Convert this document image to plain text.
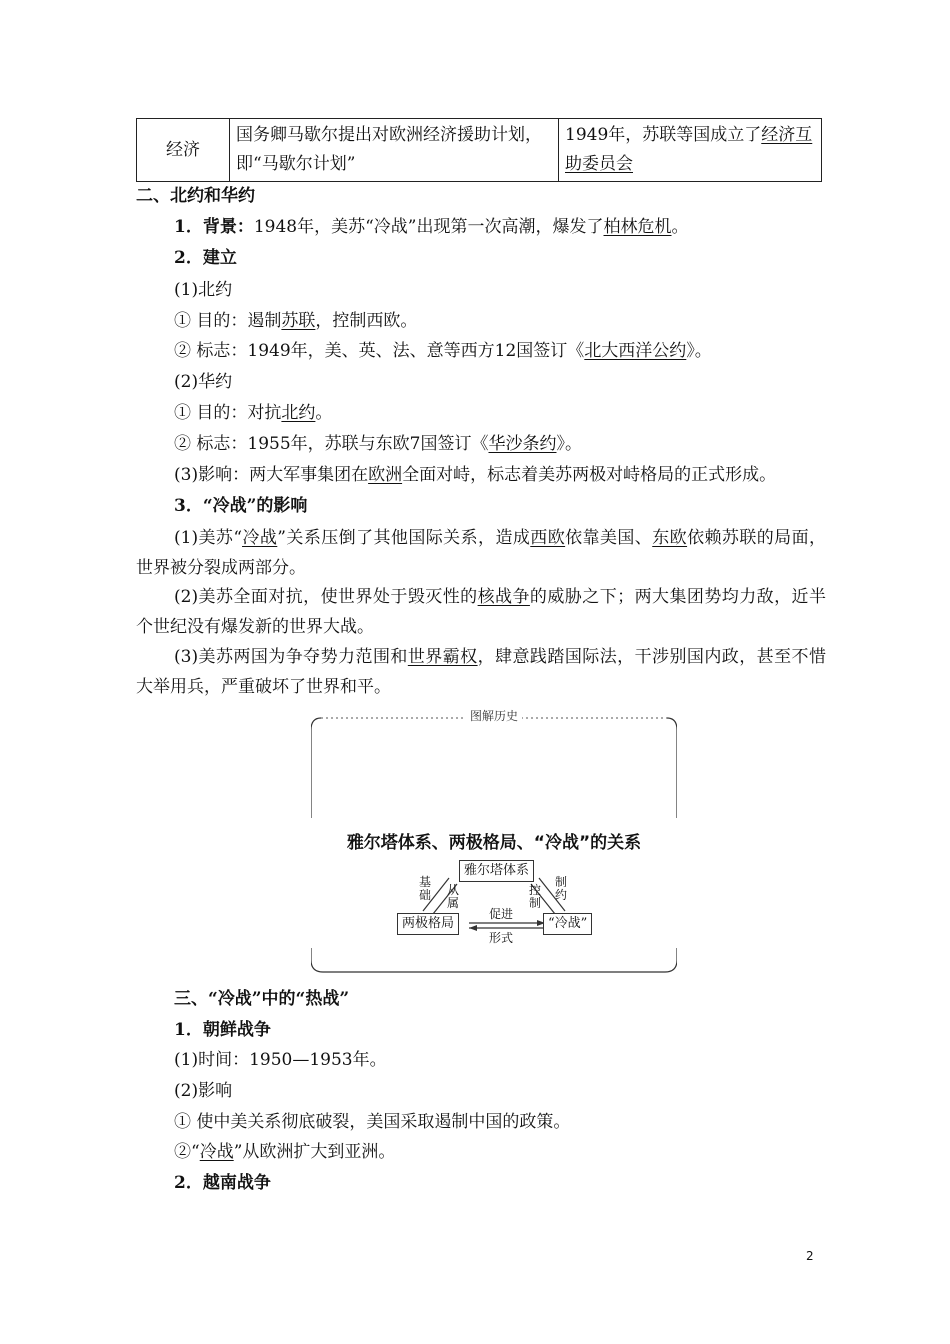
经济	国务卿马歇尔提出对欧洲经济援助计划，即“马歇尔计划”	1949年，苏联等国成立了经济互助委员会
二、北约和华约
1．背景：1948年，美苏“冷战”出现第一次高潮，爆发了柏林危机。
2．建立
(1)北约
① 目的：遏制苏联，控制西欧。
② 标志：1949年，美、英、法、意等西方12国签订《北大西洋公约》。
(2)华约
① 目的：对抗北约。
② 标志：1955年，苏联与东欧7国签订《华沙条约》。
(3)影响：两大军事集团在欧洲全面对峙，标志着美苏两极对峙格局的正式形成。
3．“冷战”的影响
(1)美苏“冷战”关系压倒了其他国际关系，造成西欧依靠美国、东欧依赖苏联的局面，世界被分裂成两部分。
(2)美苏全面对抗，使世界处于毁灭性的核战争的威胁之下；两大集团势均力敌，近半个世纪没有爆发新的世界大战。
(3)美苏两国为争夺势力范围和世界霸权，肆意践踏国际法，干涉别国内政，甚至不惜大举用兵，严重破坏了世界和平。
图解历史
雅尔塔体系、两极格局、“冷战”的关系
雅尔塔体系
两极格局	“冷战”
基础 从属
制约
控制
促进
形式
三、“冷战”中的“热战”
1．朝鲜战争
(1)时间：1950—1953年。
(2)影响
① 使中美关系彻底破裂，美国采取遏制中国的政策。
②“冷战”从欧洲扩大到亚洲。
2．越南战争
2
